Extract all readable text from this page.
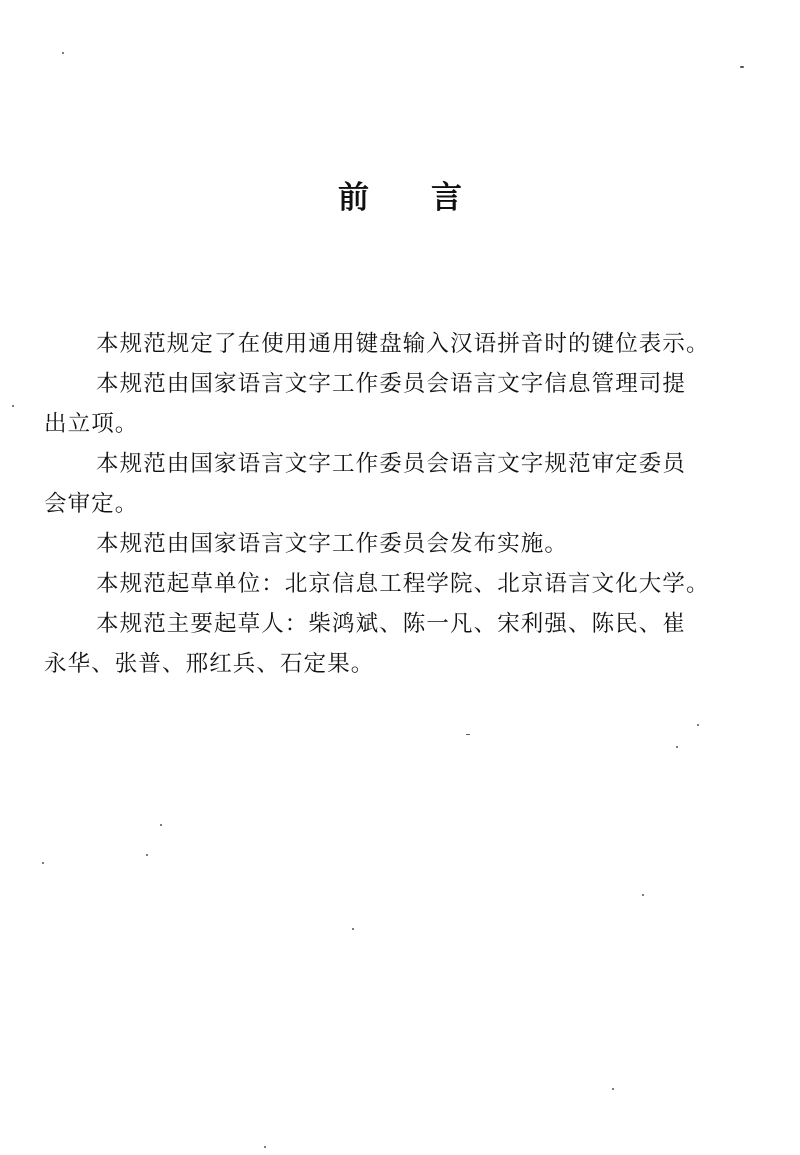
前 言

本规范规定了在使用通用键盘输入汉语拼音时的键位表示。

本规范由国家语言文字工作委员会语言文字信息管理司提
出立项。

本规范由国家语言文字工作委员会语言文字规范审定委员
会审定。

本规范由国家语言文字工作委员会发布实施。

本规范起草单位：北京信息工程学院、北京语言文化大学。

本规范主要起草人：柴鸿斌、陈一凡、宋利强、陈民、崔
永华、张普、邢红兵、石定果。
